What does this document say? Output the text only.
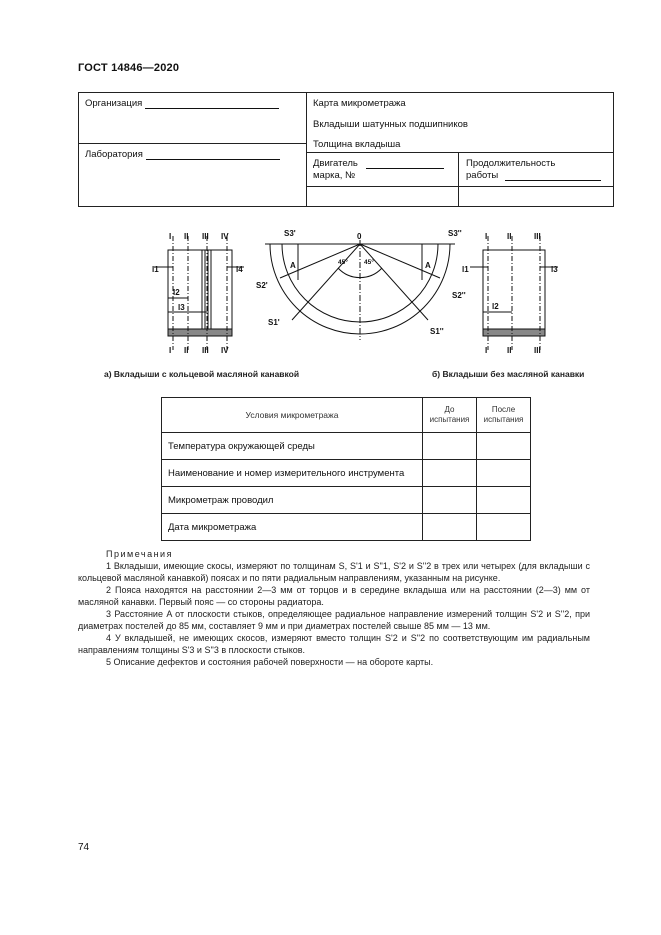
ГОСТ 14846—2020
Организация
Лаборатория
Карта микрометража
Вкладыши шатунных подшипников
Толщина вкладыша
Двигатель
марка, №
Продолжительность
работы
I II III IV
I II III IV
I II	III
I II	III
0
45° 45°
A	A
l1	l4
l2
l3
l1	l3
l2
S3'	S3''
S2'
S2''
S1'
S1''
а) Вкладыши с кольцевой масляной канавкой	б) Вкладыши без масляной канавки
Условия микрометража	До испытания	После испытания
Температура окружающей среды		
Наименование и номер измерительного инструмента		
Микрометраж проводил		
Дата микрометража		

Примечания

1 Вкладыши, имеющие скосы, измеряют по толщинам S, S'1 и S''1, S'2 и S''2 в трех или четырех (для вкладыши с кольцевой масляной канавкой) поясах и по пяти радиальным направлениям, указанным на рисунке.

2 Пояса находятся на расстоянии 2—3 мм от торцов и в середине вкладыша или на расстоянии (2—3) мм от масляной канавки. Первый пояс — со стороны радиатора.

3 Расстояние A от плоскости стыков, определяющее радиальное направление измерений толщин S'2 и S''2, при диаметрах постелей до 85 мм, составляет 9 мм и при диаметрах постелей свыше 85 мм — 13 мм.

4 У вкладышей, не имеющих скосов, измеряют вместо толщин S'2 и S''2 по соответствующим им радиальным направлениям толщины S'3 и S''3 в плоскости стыков.

5 Описание дефектов и состояния рабочей поверхности — на обороте карты.

74
